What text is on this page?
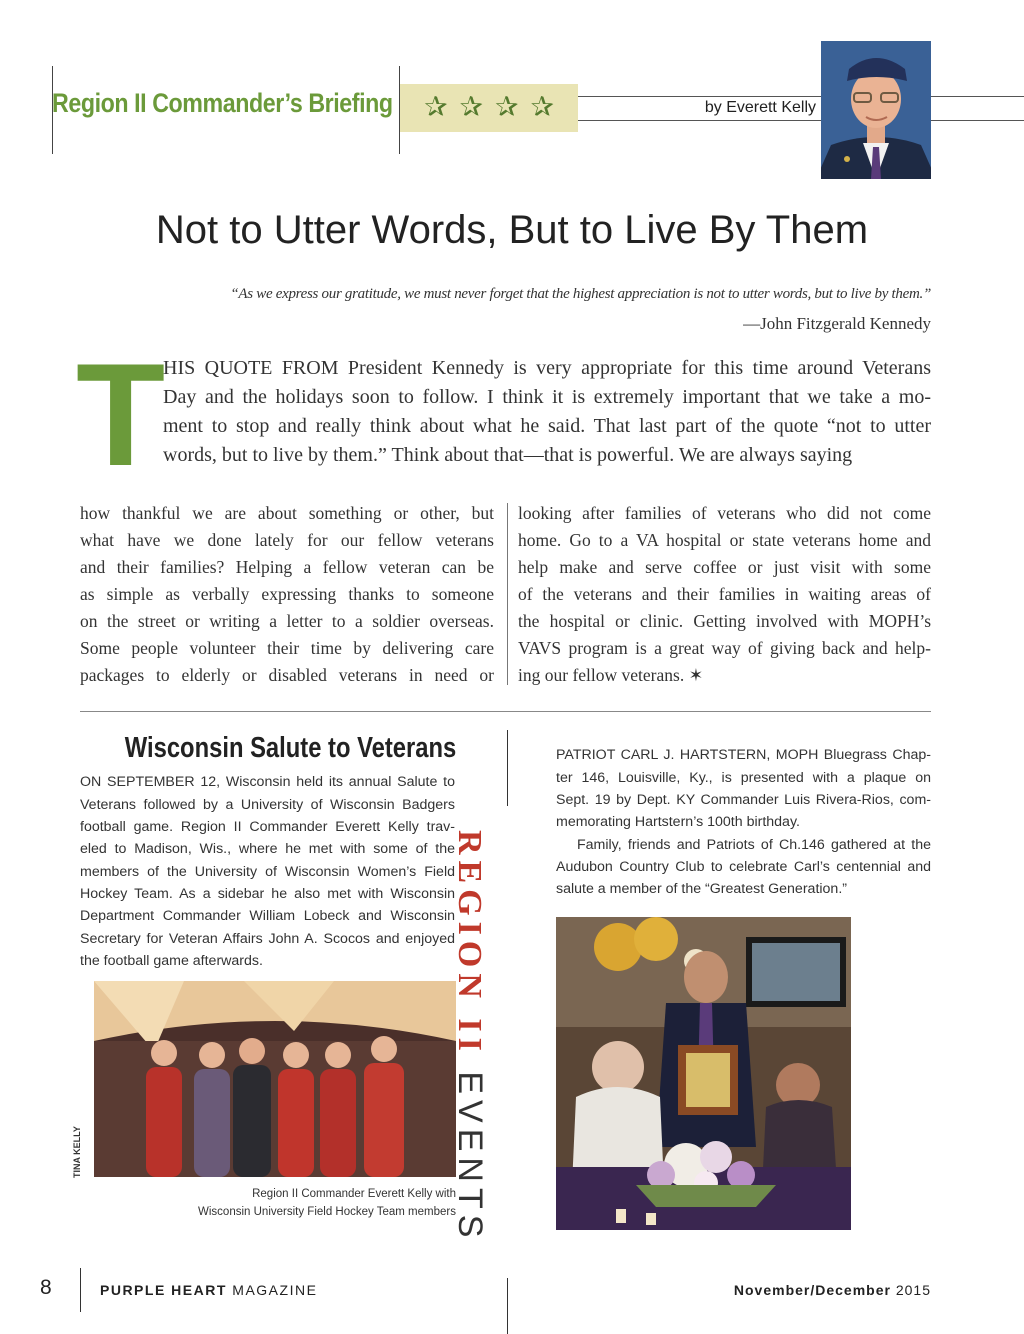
Region II Commander’s Briefing ✰ ✰ ✰ ✰	by Everett Kelly
Not to Utter Words, But to Live By Them
“As we express our gratitude, we must never forget that the highest appreciation is not to utter words, but to live by them.”
—John Fitzgerald Kennedy
T
HIS QUOTE FROM President Kennedy is very appropriate for this time around Veterans
Day and the holidays soon to follow. I think it is extremely important that we take a mo-
ment to stop and really think about what he said. That last part of the quote “not to utter
words, but to live by them.” Think about that—that is powerful. We are always saying
how thankful we are about something or other, but
what have we done lately for our fellow veterans
and their families? Helping a fellow veteran can be
as simple as verbally expressing thanks to someone
on the street or writing a letter to a soldier overseas.
Some people volunteer their time by delivering care
packages to elderly or disabled veterans in need or
looking after families of veterans who did not come
home. Go to a VA hospital or state veterans home and
help make and serve coffee or just visit with some
of the veterans and their families in waiting areas of
the hospital or clinic. Getting involved with MOPH’s
VAVS program is a great way of giving back and help-
ing our fellow veterans. ✶
Wisconsin Salute to Veterans
ON SEPTEMBER 12, Wisconsin held its annual Salute to
Veterans followed by a University of Wisconsin Badgers
football game. Region II Commander Everett Kelly trav-
eled to Madison, Wis., where he met with some of the
members of the University of Wisconsin Women’s Field
Hockey Team. As a sidebar he also met with Wisconsin
Department Commander William Lobeck and Wisconsin
Secretary for Veteran Affairs John A. Scocos and enjoyed
the football game afterwards.
TINA KELLY
Region II Commander Everett Kelly with
Wisconsin University Field Hockey Team members
REGION II EVENTS
PATRIOT CARL J. HARTSTERN, MOPH Bluegrass Chap-
ter 146, Louisville, Ky., is presented with a plaque on
Sept. 19 by Dept. KY Commander Luis Rivera-Rios, com-
memorating Hartstern’s 100th birthday.
Family, friends and Patriots of Ch.146 gathered at the
Audubon Country Club to celebrate Carl’s centennial and
salute a member of the “Greatest Generation.”
8	PURPLE HEART MAGAZINE	November/December 2015
